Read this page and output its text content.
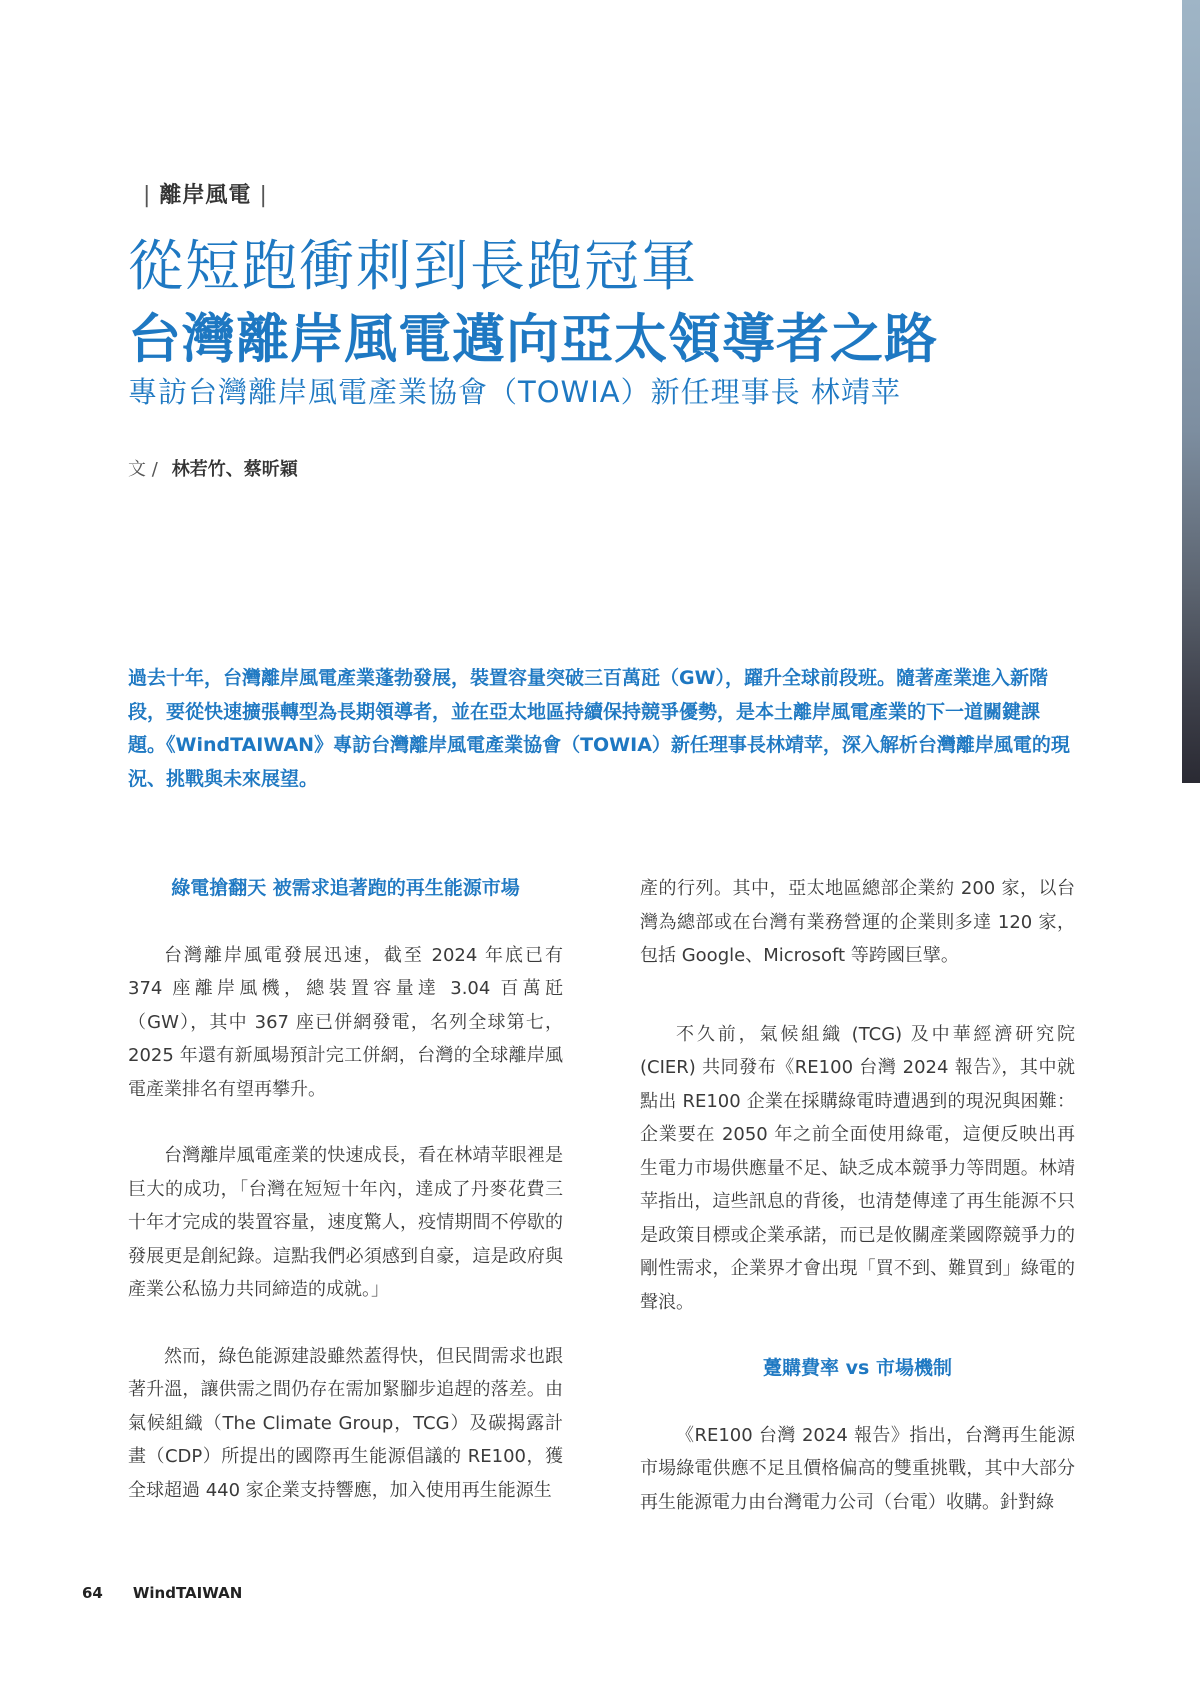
| 離岸風電 |
從短跑衝刺到長跑冠軍
台灣離岸風電邁向亞太領導者之路
專訪台灣離岸風電產業協會（TOWIA）新任理事長 林靖苹
文 / 林若竹、蔡昕穎

過去十年，台灣離岸風電產業蓬勃發展，裝置容量突破三百萬瓩（GW），躍升全球前段班。隨著產業進入新階段，要從快速擴張轉型為長期領導者，並在亞太地區持續保持競爭優勢，是本土離岸風電產業的下一道關鍵課題。《WindTAIWAN》專訪台灣離岸風電產業協會（TOWIA）新任理事長林靖苹，深入解析台灣離岸風電的現況、挑戰與未來展望。

綠電搶翻天 被需求追著跑的再生能源市場

台灣離岸風電發展迅速，截至 2024 年底已有 374 座離岸風機，總裝置容量達 3.04 百萬瓩（GW），其中 367 座已併網發電，名列全球第七，2025 年還有新風場預計完工併網，台灣的全球離岸風電產業排名有望再攀升。

台灣離岸風電產業的快速成長，看在林靖苹眼裡是巨大的成功，「台灣在短短十年內，達成了丹麥花費三十年才完成的裝置容量，速度驚人，疫情期間不停歇的發展更是創紀錄。這點我們必須感到自豪，這是政府與產業公私協力共同締造的成就。」

然而，綠色能源建設雖然蓋得快，但民間需求也跟著升溫，讓供需之間仍存在需加緊腳步追趕的落差。由氣候組織（The Climate Group，TCG）及碳揭露計畫（CDP）所提出的國際再生能源倡議的 RE100，獲全球超過 440 家企業支持響應，加入使用再生能源生

產的行列。其中，亞太地區總部企業約 200 家，以台灣為總部或在台灣有業務營運的企業則多達 120 家，包括 Google、Microsoft 等跨國巨擘。

不久前，氣候組織 (TCG) 及中華經濟研究院 (CIER) 共同發布《RE100 台灣 2024 報告》，其中就點出 RE100 企業在採購綠電時遭遇到的現況與困難：企業要在 2050 年之前全面使用綠電，這便反映出再生電力市場供應量不足、缺乏成本競爭力等問題。林靖苹指出，這些訊息的背後，也清楚傳達了再生能源不只是政策目標或企業承諾，而已是攸關產業國際競爭力的剛性需求，企業界才會出現「買不到、難買到」綠電的聲浪。

躉購費率 vs 市場機制

《RE100 台灣 2024 報告》指出，台灣再生能源市場綠電供應不足且價格偏高的雙重挑戰，其中大部分再生能源電力由台灣電力公司（台電）收購。針對綠

64 WindTAIWAN
